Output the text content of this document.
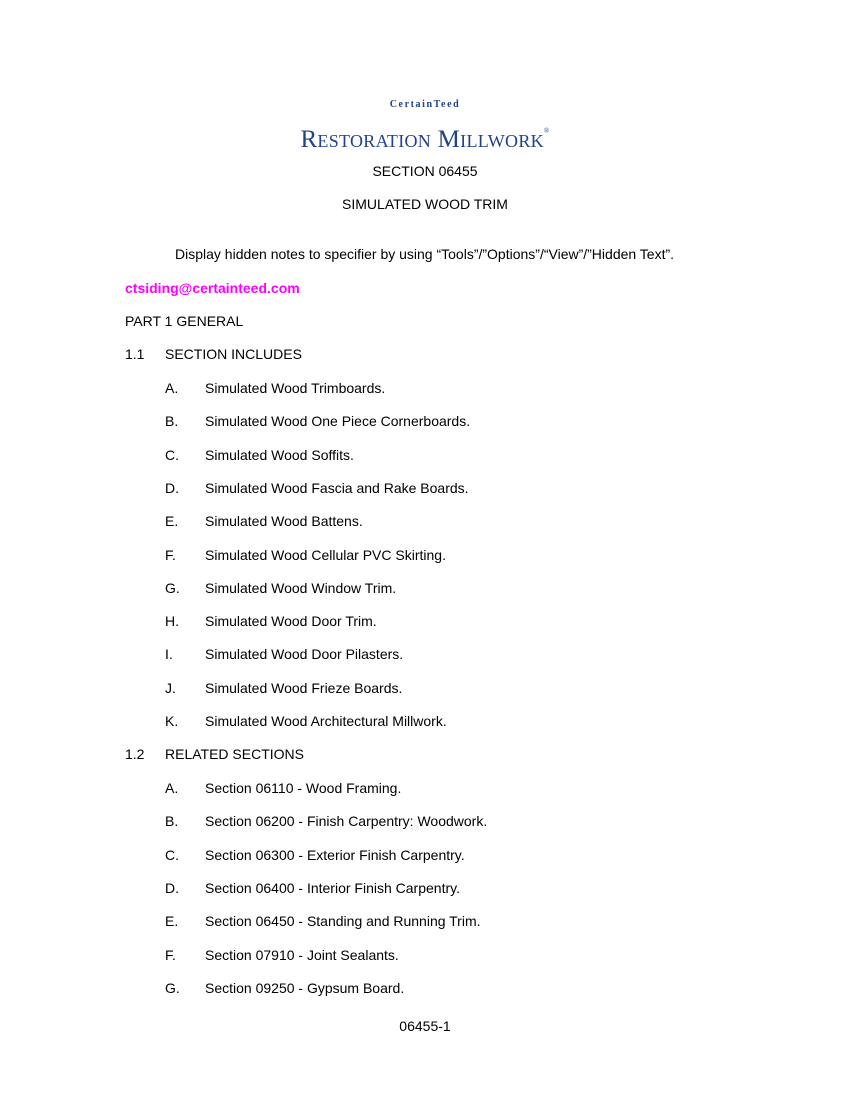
CertainTeed
Restoration Millwork®
SECTION 06455
SIMULATED WOOD TRIM
Display hidden notes to specifier by using “Tools”/”Options”/“View”/”Hidden Text”.
ctsiding@certainteed.com
PART 1 GENERAL
1.1 SECTION INCLUDES
A. Simulated Wood Trimboards.
B. Simulated Wood One Piece Cornerboards.
C. Simulated Wood Soffits.
D. Simulated Wood Fascia and Rake Boards.
E. Simulated Wood Battens.
F. Simulated Wood Cellular PVC Skirting.
G. Simulated Wood Window Trim.
H. Simulated Wood Door Trim.
I. Simulated Wood Door Pilasters.
J. Simulated Wood Frieze Boards.
K. Simulated Wood Architectural Millwork.
1.2 RELATED SECTIONS
A. Section 06110 - Wood Framing.
B. Section 06200 - Finish Carpentry: Woodwork.
C. Section 06300 - Exterior Finish Carpentry.
D. Section 06400 - Interior Finish Carpentry.
E. Section 06450 - Standing and Running Trim.
F. Section 07910 - Joint Sealants.
G. Section 09250 - Gypsum Board.
06455-1
